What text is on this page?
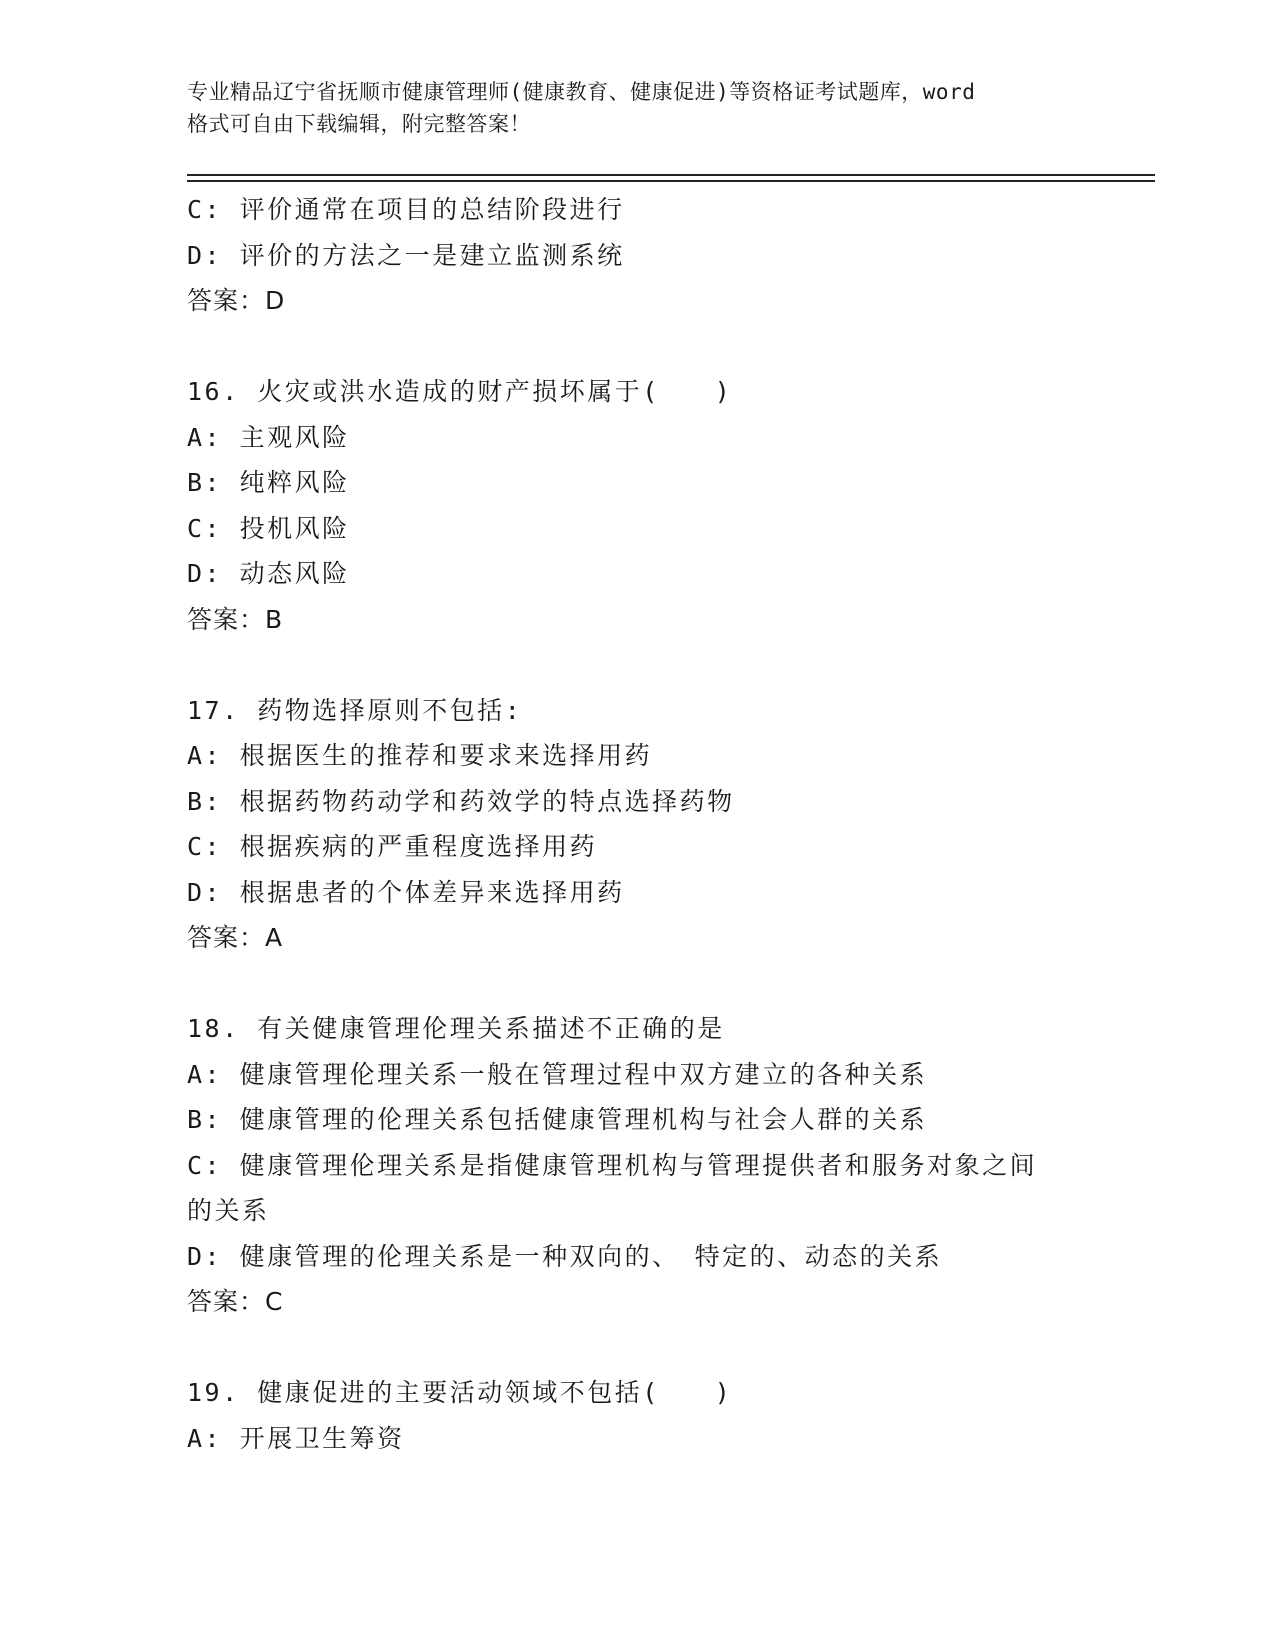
专业精品辽宁省抚顺市健康管理师(健康教育、健康促进)等资格证考试题库，word
格式可自由下载编辑，附完整答案！
C: 评价通常在项目的总结阶段进行
D: 评价的方法之一是建立监测系统
答案：D
16. 火灾或洪水造成的财产损坏属于(　　)
A: 主观风险
B: 纯粹风险
C: 投机风险
D: 动态风险
答案：B
17. 药物选择原则不包括:
A: 根据医生的推荐和要求来选择用药
B: 根据药物药动学和药效学的特点选择药物
C: 根据疾病的严重程度选择用药
D: 根据患者的个体差异来选择用药
答案：A
18. 有关健康管理伦理关系描述不正确的是
A: 健康管理伦理关系一般在管理过程中双方建立的各种关系
B: 健康管理的伦理关系包括健康管理机构与社会人群的关系
C: 健康管理伦理关系是指健康管理机构与管理提供者和服务对象之间
的关系
D: 健康管理的伦理关系是一种双向的、　特定的、动态的关系
答案：C
19. 健康促进的主要活动领域不包括(　　)
A: 开展卫生筹资
